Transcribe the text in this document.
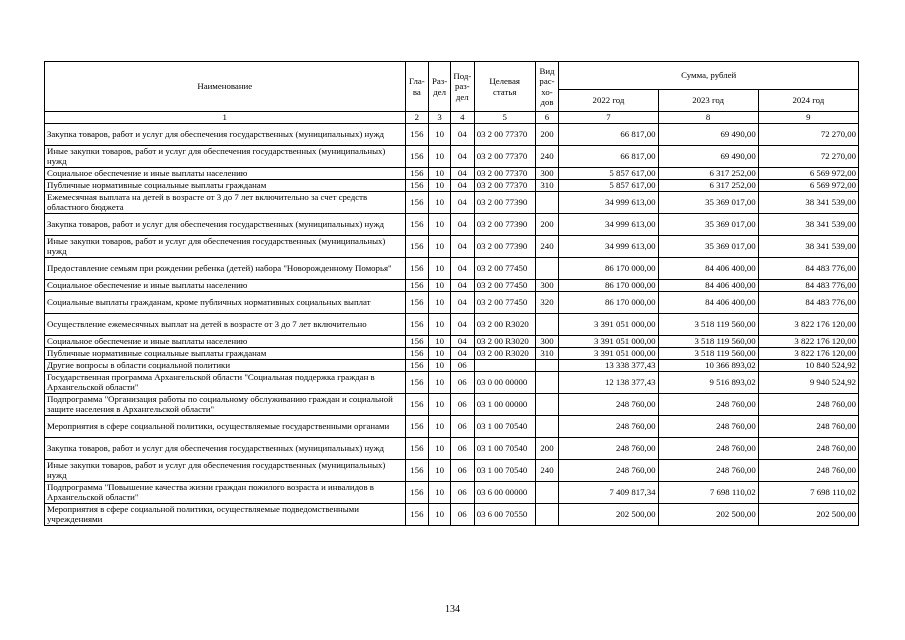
Наименование	Гла-ва	Раз-дел	Под-раз-дел	Целевая статья	Вид рас-хо-дов	Сумма, рублей		
						2022 год	2023 год	2024 год
1	2	3	4	5	6	7	8	9
Закупка товаров, работ и услуг для обеспечения государственных (муниципальных) нужд	156	10	04	03 2 00 77370	200	66 817,00	69 490,00	72 270,00
Иные закупки товаров, работ и услуг для обеспечения государственных (муниципальных) нужд	156	10	04	03 2 00 77370	240	66 817,00	69 490,00	72 270,00
Социальное обеспечение и иные выплаты населению	156	10	04	03 2 00 77370	300	5 857 617,00	6 317 252,00	6 569 972,00
Публичные нормативные социальные выплаты гражданам	156	10	04	03 2 00 77370	310	5 857 617,00	6 317 252,00	6 569 972,00
Ежемесячная выплата на детей в возрасте от 3 до 7 лет включительно за счет средств областного бюджета	156	10	04	03 2 00 77390		34 999 613,00	35 369 017,00	38 341 539,00
Закупка товаров, работ и услуг для обеспечения государственных (муниципальных) нужд	156	10	04	03 2 00 77390	200	34 999 613,00	35 369 017,00	38 341 539,00
Иные закупки товаров, работ и услуг для обеспечения государственных (муниципальных) нужд	156	10	04	03 2 00 77390	240	34 999 613,00	35 369 017,00	38 341 539,00
Предоставление семьям при рождении ребенка (детей) набора "Новорожденному Поморья"	156	10	04	03 2 00 77450		86 170 000,00	84 406 400,00	84 483 776,00
Социальное обеспечение и иные выплаты населению	156	10	04	03 2 00 77450	300	86 170 000,00	84 406 400,00	84 483 776,00
Социальные выплаты гражданам, кроме публичных нормативных социальных выплат	156	10	04	03 2 00 77450	320	86 170 000,00	84 406 400,00	84 483 776,00
Осуществление ежемесячных выплат на детей в возрасте от 3 до 7 лет включительно	156	10	04	03 2 00 R3020		3 391 051 000,00	3 518 119 560,00	3 822 176 120,00
Социальное обеспечение и иные выплаты населению	156	10	04	03 2 00 R3020	300	3 391 051 000,00	3 518 119 560,00	3 822 176 120,00
Публичные нормативные социальные выплаты гражданам	156	10	04	03 2 00 R3020	310	3 391 051 000,00	3 518 119 560,00	3 822 176 120,00
Другие вопросы в области социальной политики	156	10	06			13 338 377,43	10 366 893,02	10 840 524,92
Государственная программа Архангельской области "Социальная поддержка граждан в Архангельской области"	156	10	06	03 0 00 00000		12 138 377,43	9 516 893,02	9 940 524,92
Подпрограмма "Организация работы по социальному обслуживанию граждан и социальной защите населения в Архангельской области"	156	10	06	03 1 00 00000		248 760,00	248 760,00	248 760,00
Мероприятия в сфере социальной политики, осуществляемые государственными органами	156	10	06	03 1 00 70540		248 760,00	248 760,00	248 760,00
Закупка товаров, работ и услуг для обеспечения государственных (муниципальных) нужд	156	10	06	03 1 00 70540	200	248 760,00	248 760,00	248 760,00
Иные закупки товаров, работ и услуг для обеспечения государственных (муниципальных) нужд	156	10	06	03 1 00 70540	240	248 760,00	248 760,00	248 760,00
Подпрограмма "Повышение качества жизни граждан пожилого возраста и инвалидов в Архангельской области"	156	10	06	03 6 00 00000		7 409 817,34	7 698 110,02	7 698 110,02
Мероприятия в сфере социальной политики, осуществляемые подведомственными учреждениями	156	10	06	03 6 00 70550		202 500,00	202 500,00	202 500,00
134
